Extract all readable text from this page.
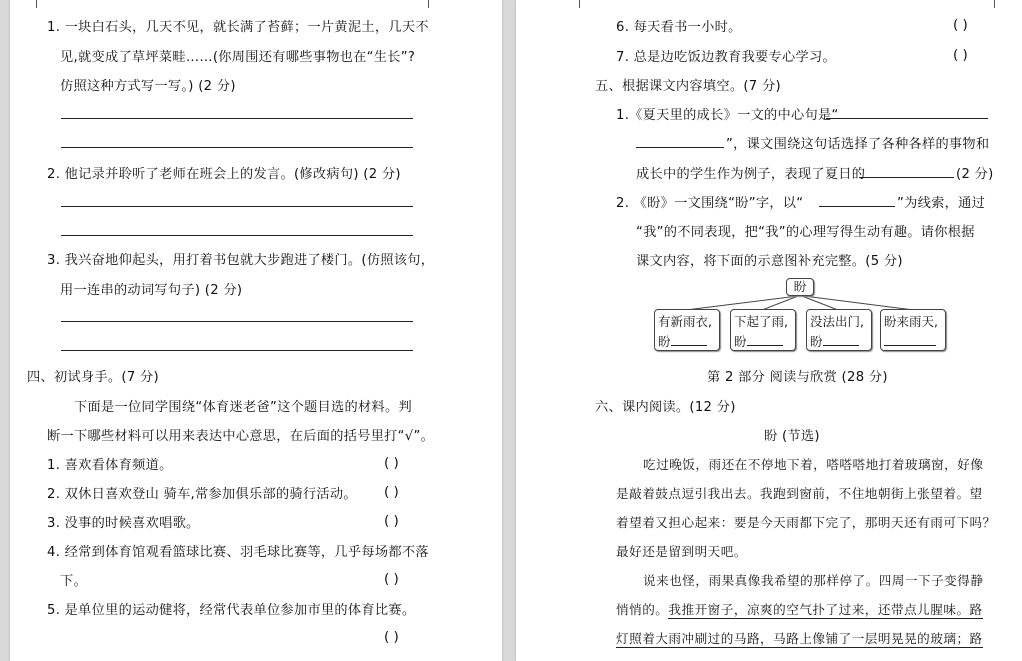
1. 一块白石头，几天不见，就长满了苔藓；一片黄泥土，几天不
见,就变成了草坪菜畦……(你周围还有哪些事物也在“生长”?
仿照这种方式写一写。) (2 分)
2. 他记录并聆听了老师在班会上的发言。(修改病句) (2 分)
3. 我兴奋地仰起头，用打着书包就大步跑进了楼门。(仿照该句，
用一连串的动词写句子) (2 分)
四、初试身手。(7 分)
下面是一位同学围绕“体育迷老爸”这个题目选的材料。判
断一下哪些材料可以用来表达中心意思，在后面的括号里打“√”。
1. 喜欢看体育频道。	( )
2. 双休日喜欢登山 骑车,常参加俱乐部的骑行活动。 ( )
3. 没事的时候喜欢唱歌。	( )
4. 经常到体育馆观看篮球比赛、羽毛球比赛等，几乎每场都不落
下。	( )
5. 是单位里的运动健将，经常代表单位参加市里的体育比赛。
( )
6. 每天看书一小时。	( )
7. 总是边吃饭边教育我要专心学习。	( )
五、根据课文内容填空。(7 分)
1.《夏天里的成长》一文的中心句是“
”，课文围绕这句话选择了各种各样的事物和
成长中的学生作为例子，表现了夏日的	(2 分)
2. 《盼》一文围绕“盼”字，以“	”为线索，通过
“我”的不同表现，把“我”的心理写得生动有趣。请你根据
课文内容，将下面的示意图补充完整。(5 分)
盼
有新雨衣,
盼
下起了雨,
盼
没法出门,
盼
盼来雨天,
第 2 部分 阅读与欣赏 (28 分)
六、课内阅读。(12 分)
盼 (节选)
吃过晚饭，雨还在不停地下着，嗒嗒嗒地打着玻璃窗，好像
是敲着鼓点逗引我出去。我跑到窗前，不住地朝街上张望着。望
着望着又担心起来：要是今天雨都下完了，那明天还有雨可下吗？
最好还是留到明天吧。
说来也怪，雨果真像我希望的那样停了。四周一下子变得静
悄悄的。我推开窗子，凉爽的空气扑了过来，还带点儿腥味。路
灯照着大雨冲刷过的马路，马路上像铺了一层明晃晃的玻璃；路
